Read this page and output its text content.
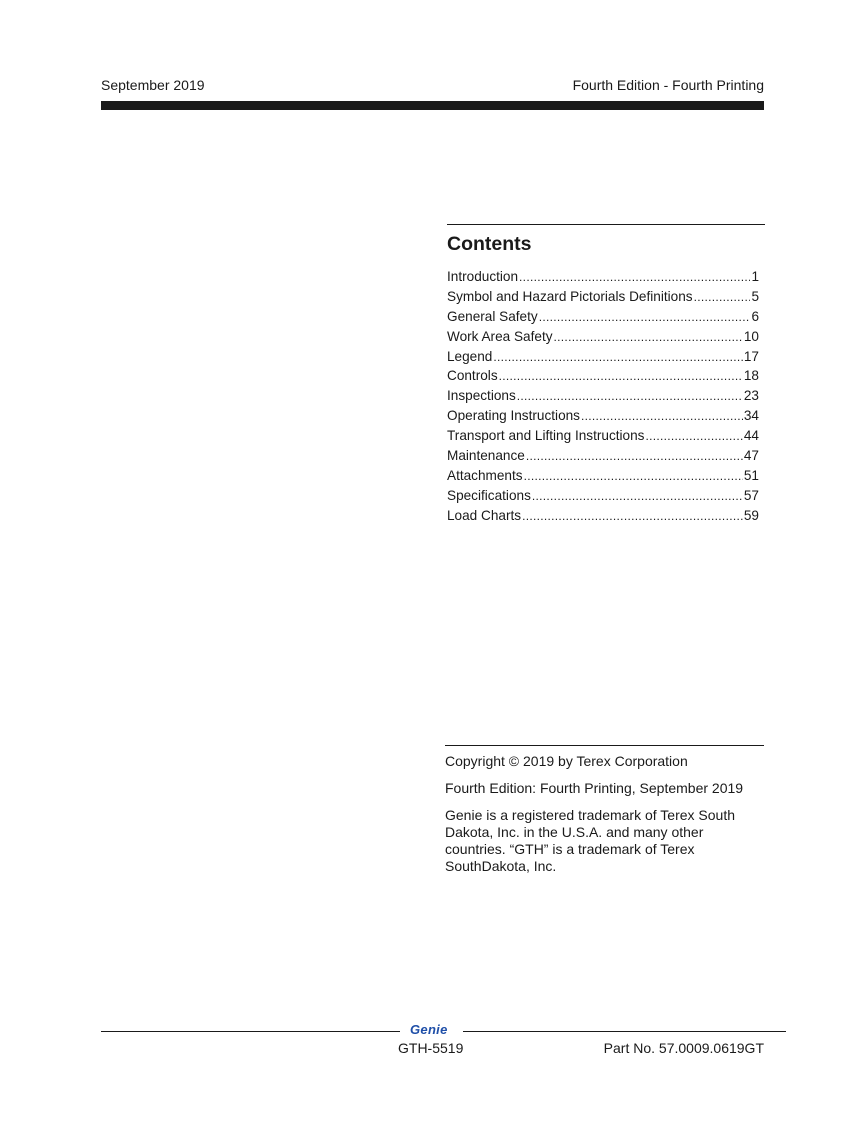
September 2019	Fourth Edition - Fourth Printing
Contents
Introduction .....	1
Symbol and Hazard Pictorials Definitions .....	5
General Safety .....	6
Work Area Safety .....	10
Legend .....	17
Controls .....	18
Inspections .....	23
Operating Instructions .....	34
Transport and Lifting Instructions .....	44
Maintenance .....	47
Attachments .....	51
Specifications .....	57
Load Charts .....	59

Copyright © 2019 by Terex Corporation

Fourth Edition: Fourth Printing, September 2019

Genie is a registered trademark of Terex South Dakota, Inc. in the U.S.A. and many other countries. “GTH” is a trademark of Terex SouthDakota, Inc.

Genie
GTH-5519	Part No. 57.0009.0619GT
